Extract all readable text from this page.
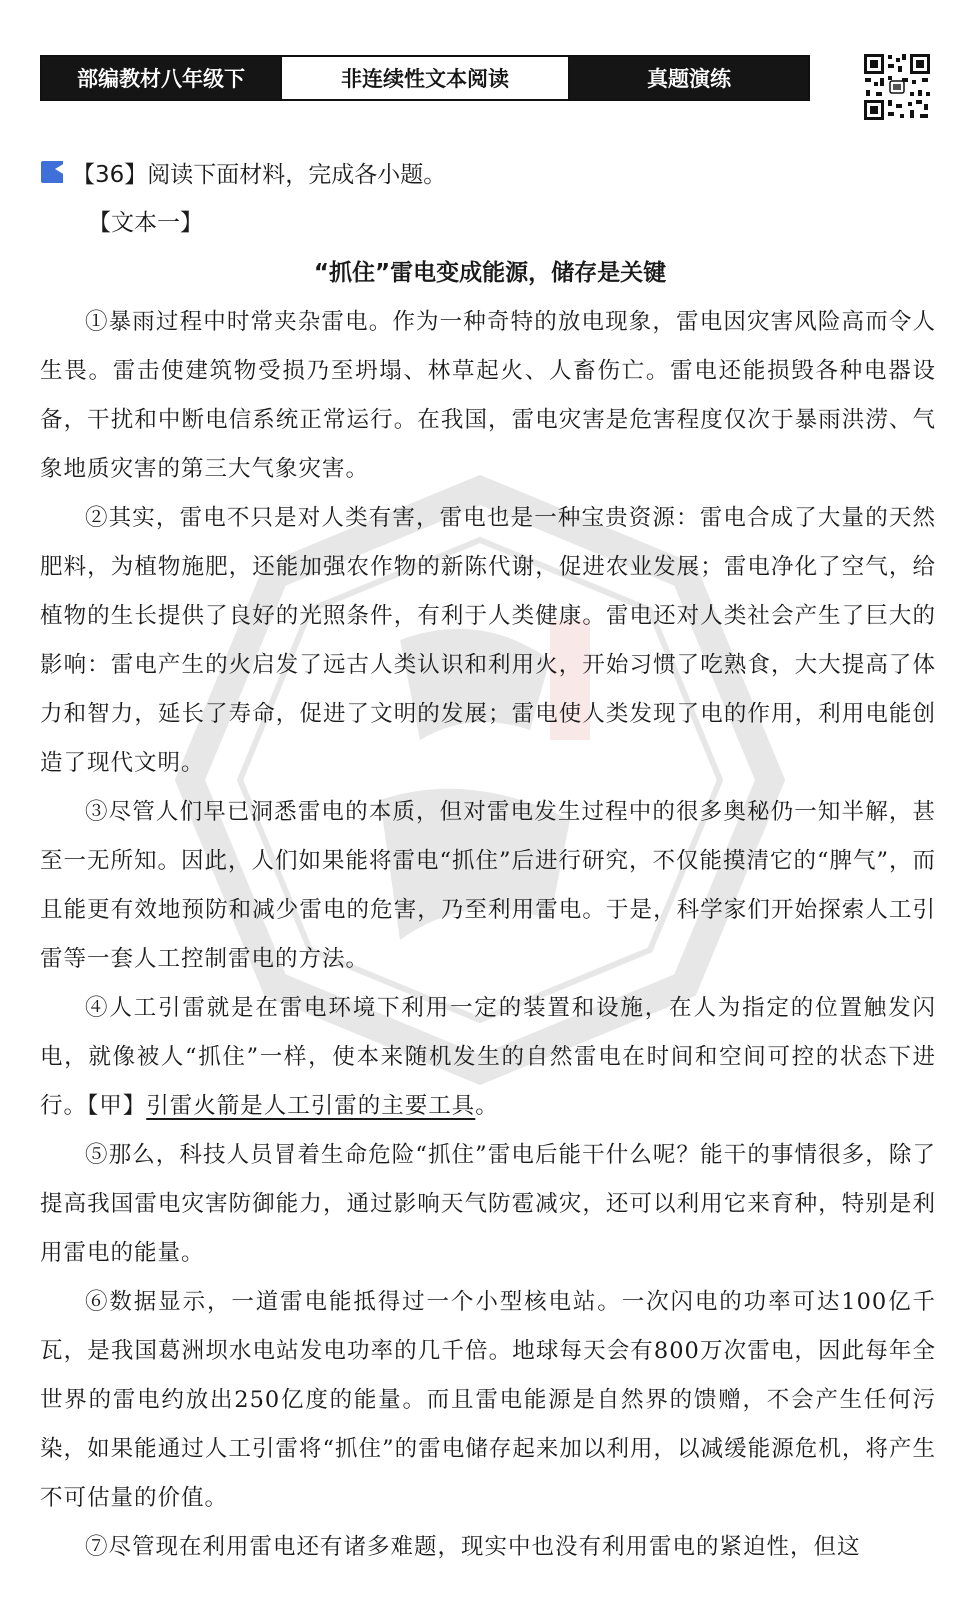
部编教材八年级下	非连续性文本阅读	真题演练
【36】阅读下面材料，完成各小题。
【文本一】
“抓住”雷电变成能源，储存是关键

①暴雨过程中时常夹杂雷电。作为一种奇特的放电现象，雷电因灾害风险高而令人生畏。雷击使建筑物受损乃至坍塌、林草起火、人畜伤亡。雷电还能损毁各种电器设备，干扰和中断电信系统正常运行。在我国，雷电灾害是危害程度仅次于暴雨洪涝、气象地质灾害的第三大气象灾害。

②其实，雷电不只是对人类有害，雷电也是一种宝贵资源：雷电合成了大量的天然肥料，为植物施肥，还能加强农作物的新陈代谢，促进农业发展；雷电净化了空气，给植物的生长提供了良好的光照条件，有利于人类健康。雷电还对人类社会产生了巨大的影响：雷电产生的火启发了远古人类认识和利用火，开始习惯了吃熟食，大大提高了体力和智力，延长了寿命，促进了文明的发展；雷电使人类发现了电的作用，利用电能创造了现代文明。

③尽管人们早已洞悉雷电的本质，但对雷电发生过程中的很多奥秘仍一知半解，甚至一无所知。因此，人们如果能将雷电“抓住”后进行研究，不仅能摸清它的“脾气”，而且能更有效地预防和减少雷电的危害，乃至利用雷电。于是，科学家们开始探索人工引雷等一套人工控制雷电的方法。

④人工引雷就是在雷电环境下利用一定的装置和设施，在人为指定的位置触发闪电，就像被人“抓住”一样，使本来随机发生的自然雷电在时间和空间可控的状态下进行。【甲】引雷火箭是人工引雷的主要工具。

⑤那么，科技人员冒着生命危险“抓住”雷电后能干什么呢？能干的事情很多，除了提高我国雷电灾害防御能力，通过影响天气防雹减灾，还可以利用它来育种，特别是利用雷电的能量。

⑥数据显示，一道雷电能抵得过一个小型核电站。一次闪电的功率可达100亿千瓦，是我国葛洲坝水电站发电功率的几千倍。地球每天会有800万次雷电，因此每年全世界的雷电约放出250亿度的能量。而且雷电能源是自然界的馈赠，不会产生任何污染，如果能通过人工引雷将“抓住”的雷电储存起来加以利用，以减缓能源危机，将产生不可估量的价值。

⑦尽管现在利用雷电还有诸多难题，现实中也没有利用雷电的紧迫性，但这
